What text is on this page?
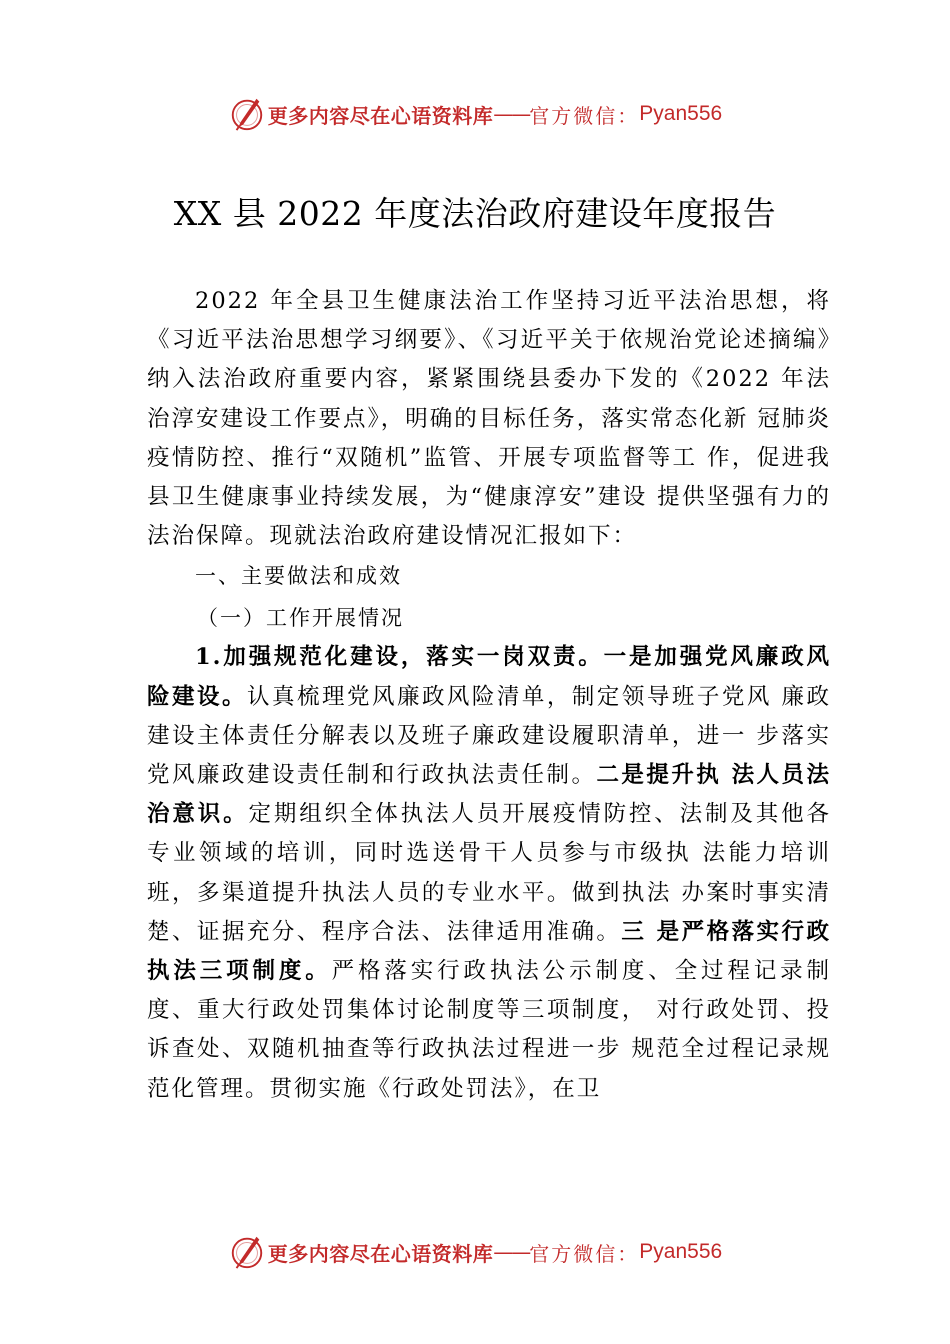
更多内容尽在心语资料库 —— 官方微信： Pyan556
XX 县 2022 年度法治政府建设年度报告

2022 年全县卫生健康法治工作坚持习近平法治思想，将《习近平法治思想学习纲要》、《习近平关于依规治党论述摘编》纳入法治政府重要内容，紧紧围绕县委办下发的《2022 年法治淳安建设工作要点》，明确的目标任务，落实常态化新 冠肺炎疫情防控、推行“双随机”监管、开展专项监督等工 作，促进我县卫生健康事业持续发展，为“健康淳安”建设 提供坚强有力的法治保障。现就法治政府建设情况汇报如下：

一、主要做法和成效
（一）工作开展情况

1.加强规范化建设，落实一岗双责。一是加强党风廉政风险建设。认真梳理党风廉政风险清单，制定领导班子党风 廉政建设主体责任分解表以及班子廉政建设履职清单，进一 步落实党风廉政建设责任制和行政执法责任制。二是提升执 法人员法治意识。定期组织全体执法人员开展疫情防控、法制及其他各专业领域的培训，同时选送骨干人员参与市级执 法能力培训班，多渠道提升执法人员的专业水平。做到执法 办案时事实清楚、证据充分、程序合法、法律适用准确。三 是严格落实行政执法三项制度。严格落实行政执法公示制度、全过程记录制度、重大行政处罚集体讨论制度等三项制度， 对行政处罚、投诉查处、双随机抽查等行政执法过程进一步 规范全过程记录规范化管理。贯彻实施《行政处罚法》，在卫

更多内容尽在心语资料库 —— 官方微信： Pyan556
